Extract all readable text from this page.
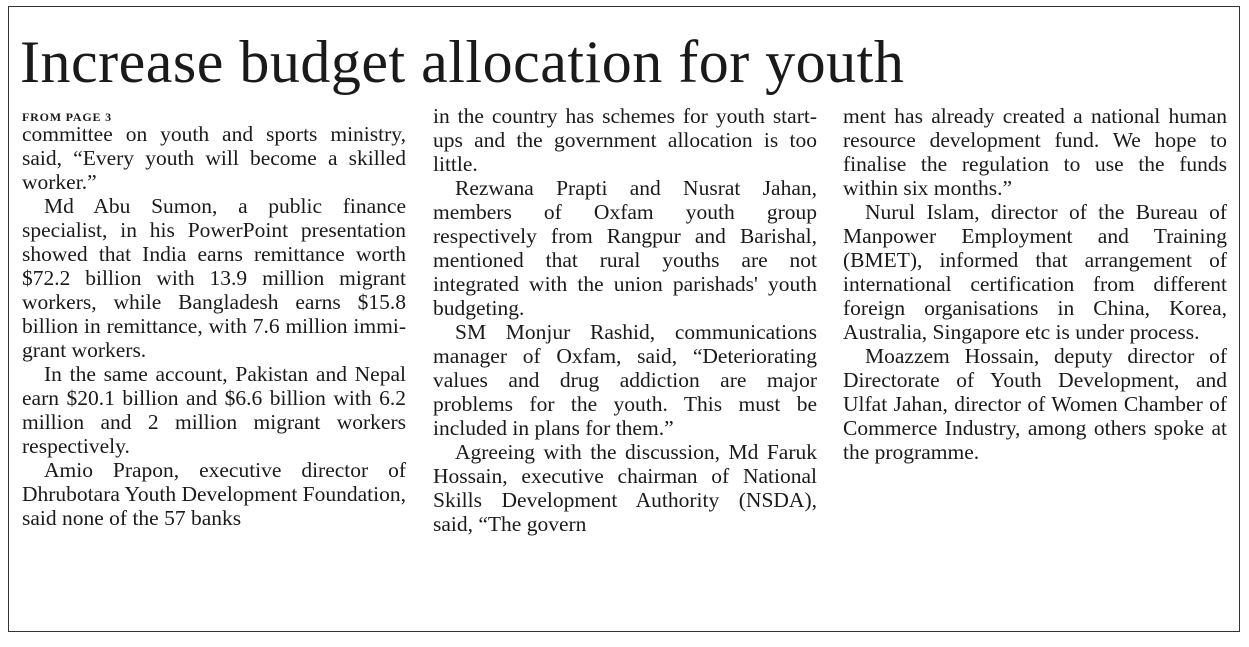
Increase budget allocation for youth
FROM PAGE 3

committee on youth and sports ministry, said, “Every youth will become a skilled worker.”

Md Abu Sumon, a public finance specialist, in his PowerPoint presentation showed that India earns remittance worth $72.2 billion with 13.9 million migrant workers, while Bangladesh earns $15.8 billion in remittance, with 7.6 million immigrant workers.

In the same account, Pakistan and Nepal earn $20.1 billion and $6.6 billion with 6.2 million and 2 million migrant workers respectively.

Amio Prapon, executive director of Dhrubotara Youth Development Foundation, said none of the 57 banks

in the country has schemes for youth start-ups and the government allocation is too little.

Rezwana Prapti and Nusrat Jahan, members of Oxfam youth group respectively from Rangpur and Barishal, mentioned that rural youths are not integrated with the union parishads' youth budgeting.

SM Monjur Rashid, communications manager of Oxfam, said, “Deteriorating values and drug addiction are major problems for the youth. This must be included in plans for them.”

Agreeing with the discussion, Md Faruk Hossain, executive chairman of National Skills Development Authority (NSDA), said, “The govern

ment has already created a national human resource development fund. We hope to finalise the regulation to use the funds within six months.”

Nurul Islam, director of the Bureau of Manpower Employment and Training (BMET), informed that arrangement of international certification from different foreign organisations in China, Korea, Australia, Singapore etc is under process.

Moazzem Hossain, deputy director of Directorate of Youth Development, and Ulfat Jahan, director of Women Chamber of Commerce Industry, among others spoke at the programme.
